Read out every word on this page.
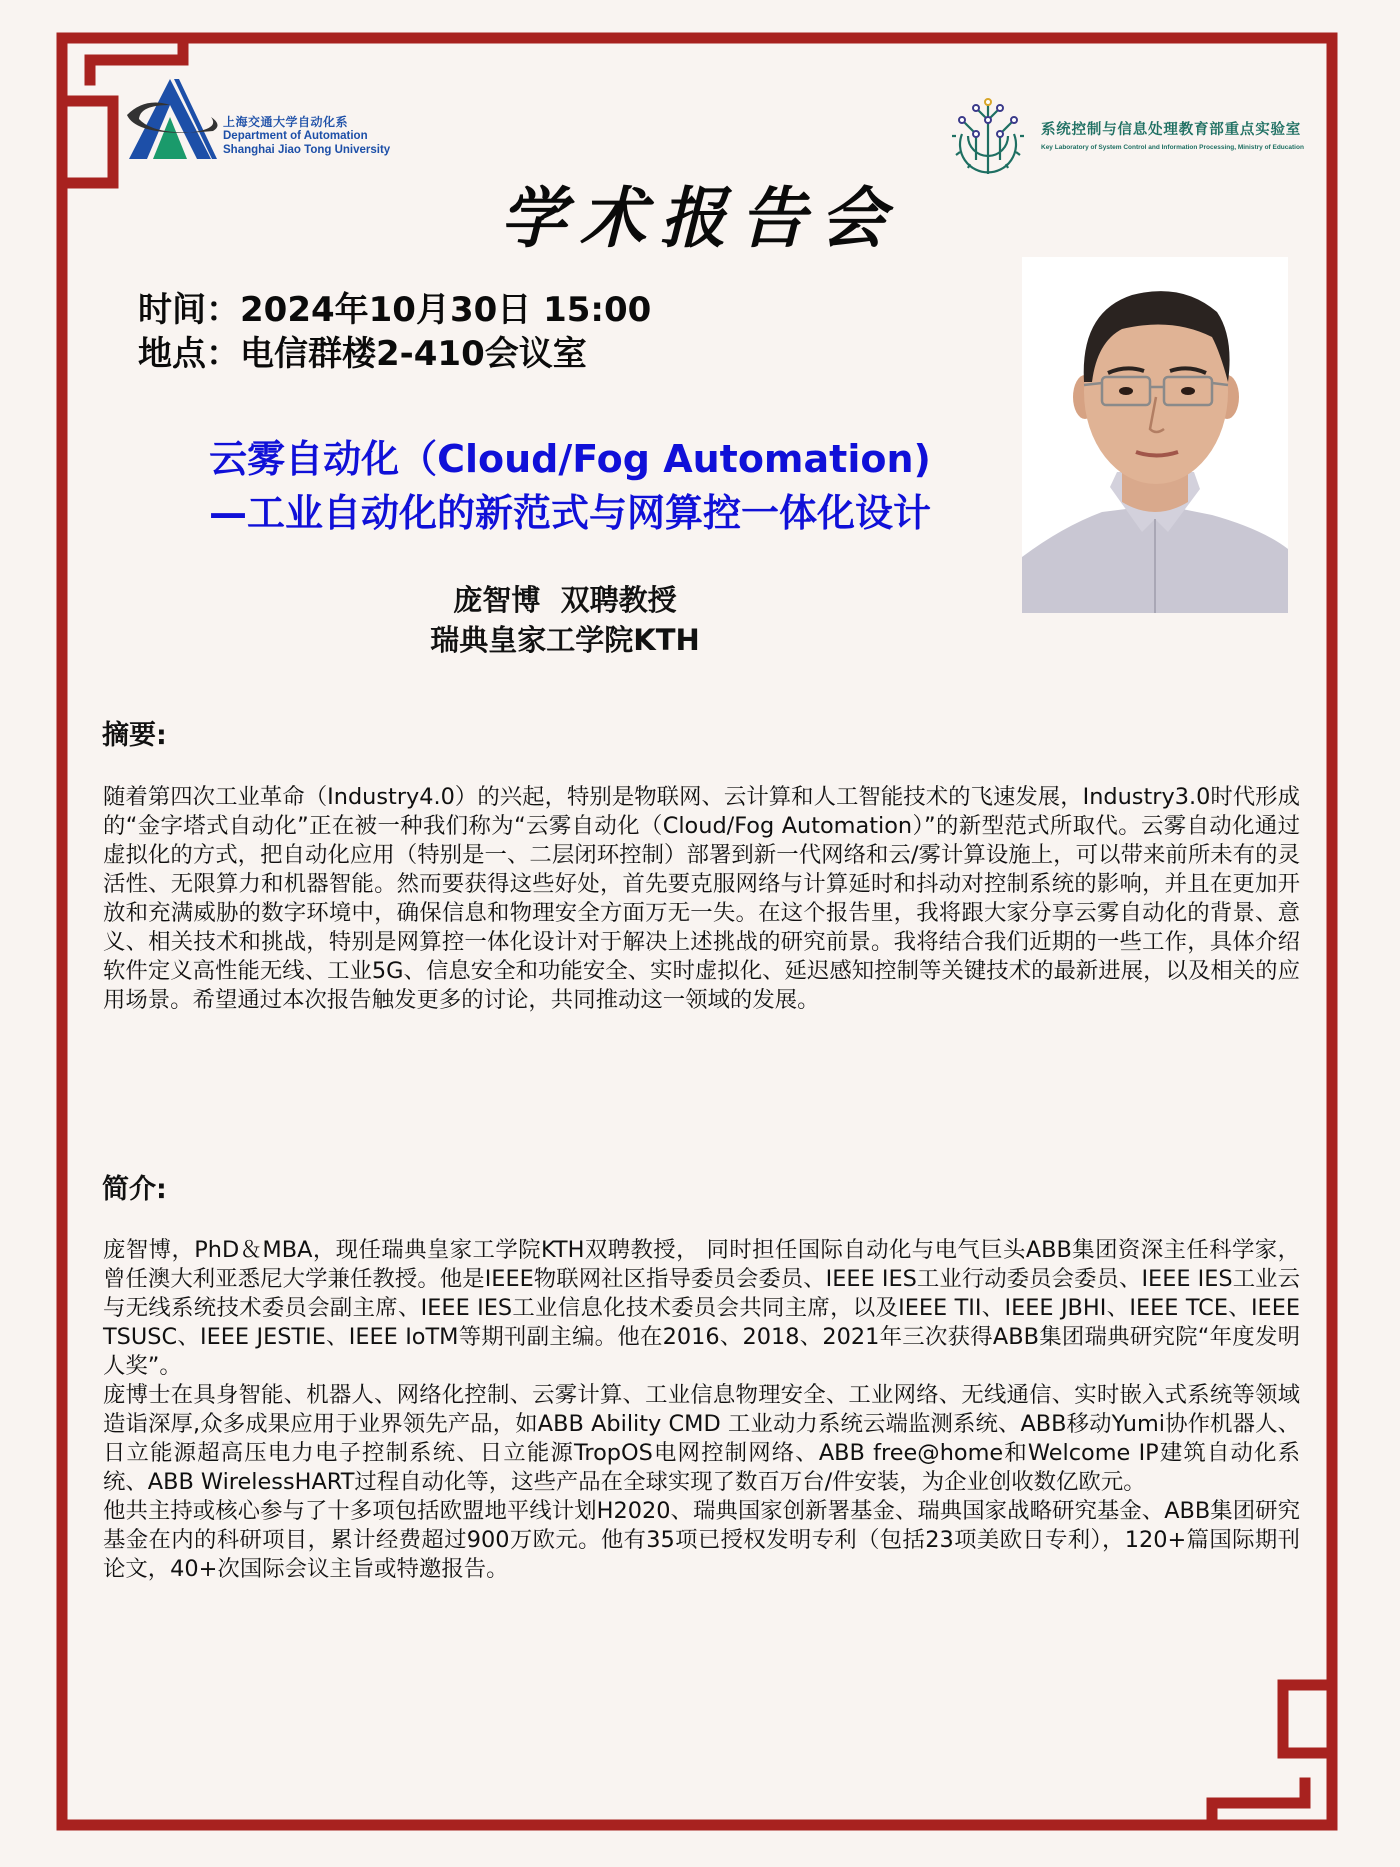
上海交通大学自动化系
Department of Automation
Shanghai Jiao Tong University
系统控制与信息处理教育部重点实验室
Key Laboratory of System Control and Information Processing, Ministry of Education
学术报告会
时间：2024年10月30日 15:00
地点：电信群楼2-410会议室
云雾自动化（Cloud/Fog Automation)
—工业自动化的新范式与网算控一体化设计
庞智博  双聘教授
瑞典皇家工学院KTH
摘要:

随着第四次工业革命（Industry4.0）的兴起，特别是物联网、云计算和人工智能技术的飞速发展，Industry3.0时代形成的“金字塔式自动化”正在被一种我们称为“云雾自动化（Cloud/Fog Automation）”的新型范式所取代。云雾自动化通过虚拟化的方式，把自动化应用（特别是一、二层闭环控制）部署到新一代网络和云/雾计算设施上，可以带来前所未有的灵活性、无限算力和机器智能。然而要获得这些好处，首先要克服网络与计算延时和抖动对控制系统的影响，并且在更加开放和充满威胁的数字环境中，确保信息和物理安全方面万无一失。在这个报告里，我将跟大家分享云雾自动化的背景、意义、相关技术和挑战，特别是网算控一体化设计对于解决上述挑战的研究前景。我将结合我们近期的一些工作，具体介绍软件定义高性能无线、工业5G、信息安全和功能安全、实时虚拟化、延迟感知控制等关键技术的最新进展，以及相关的应用场景。希望通过本次报告触发更多的讨论，共同推动这一领域的发展。

简介:

庞智博，PhD＆MBA，现任瑞典皇家工学院KTH双聘教授， 同时担任国际自动化与电气巨头ABB集团资深主任科学家，曾任澳大利亚悉尼大学兼任教授。他是IEEE物联网社区指导委员会委员、IEEE IES工业行动委员会委员、IEEE IES工业云与无线系统技术委员会副主席、IEEE IES工业信息化技术委员会共同主席，以及IEEE TII、IEEE JBHI、IEEE TCE、IEEE TSUSC、IEEE JESTIE、IEEE IoTM等期刊副主编。他在2016、2018、2021年三次获得ABB集团瑞典研究院“年度发明人奖”。

庞博士在具身智能、机器人、网络化控制、云雾计算、工业信息物理安全、工业网络、无线通信、实时嵌入式系统等领域造诣深厚,众多成果应用于业界领先产品，如ABB Ability CMD 工业动力系统云端监测系统、ABB移动Yumi协作机器人、日立能源超高压电力电子控制系统、日立能源TropOS电网控制网络、ABB free@home和Welcome IP建筑自动化系统、ABB WirelessHART过程自动化等，这些产品在全球实现了数百万台/件安装，为企业创收数亿欧元。

他共主持或核心参与了十多项包括欧盟地平线计划H2020、瑞典国家创新署基金、瑞典国家战略研究基金、ABB集团研究基金在内的科研项目，累计经费超过900万欧元。他有35项已授权发明专利（包括23项美欧日专利），120+篇国际期刊论文，40+次国际会议主旨或特邀报告。
